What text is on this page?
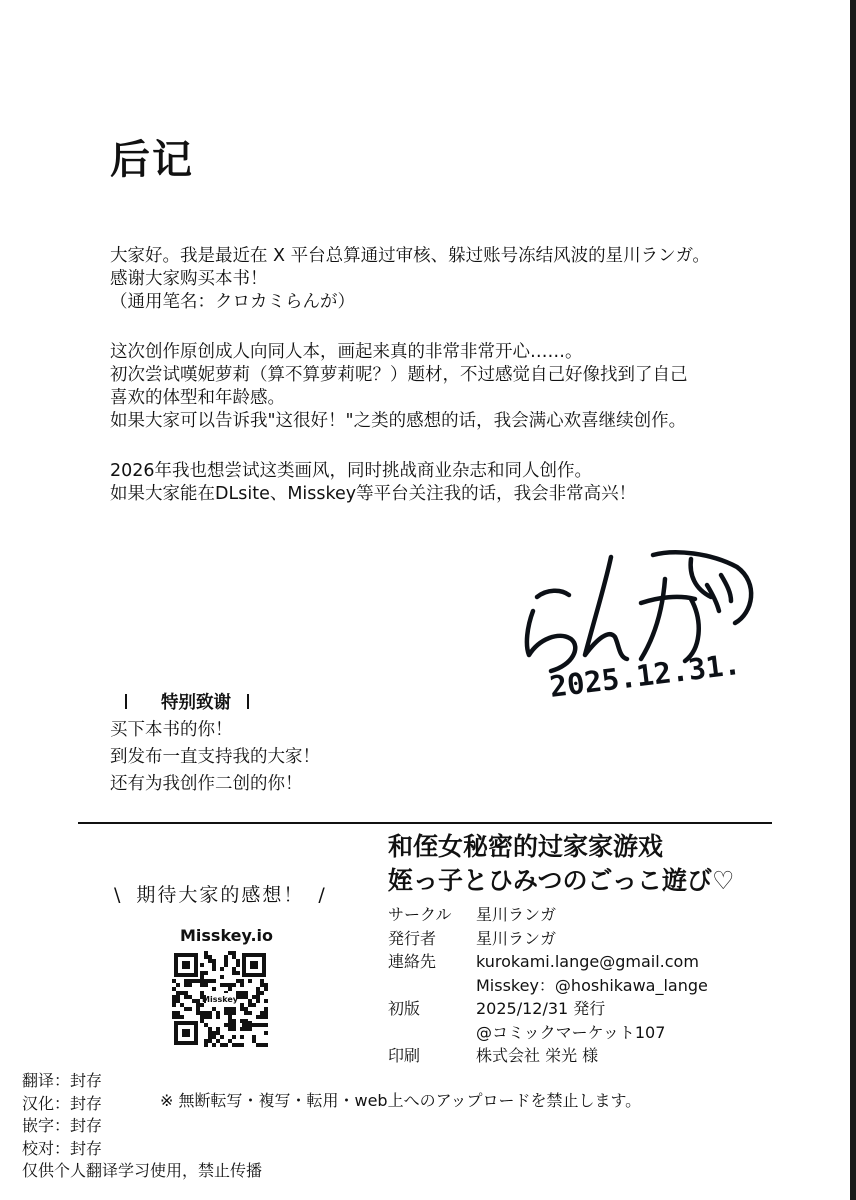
后记
大家好。我是最近在 X 平台总算通过审核、躲过账号冻结风波的星川ランガ。
感谢大家购买本书！
（通用笔名：クロカミらんが）
这次创作原创成人向同人本，画起来真的非常非常开心……。
初次尝试嘆妮萝莉（算不算萝莉呢？）题材，不过感觉自己好像找到了自己
喜欢的体型和年龄感。
如果大家可以告诉我"这很好！"之类的感想的话，我会满心欢喜继续创作。
2026年我也想尝试这类画风，同时挑战商业杂志和同人创作。
如果大家能在DLsite、Misskey等平台关注我的话，我会非常高兴！
2025.12.31.
特别致谢
买下本书的你！
到发布一直支持我的大家！
还有为我创作二创的你！
和侄女秘密的过家家游戏
姪っ子とひみつのごっこ遊び♡
サークル	星川ランガ
発行者	星川ランガ
連絡先	kurokami.lange@gmail.com
Misskey：@hoshikawa_lange
初版	2025/12/31 発行
@コミックマーケット107
印刷	株式会社 栄光 様
\ 期待大家的感想！ /
Misskey.io
Misskey
※ 無断転写・複写・転用・web上へのアップロードを禁止します。
翻译：封存
汉化：封存
嵌字：封存
校对：封存
仅供个人翻译学习使用，禁止传播
